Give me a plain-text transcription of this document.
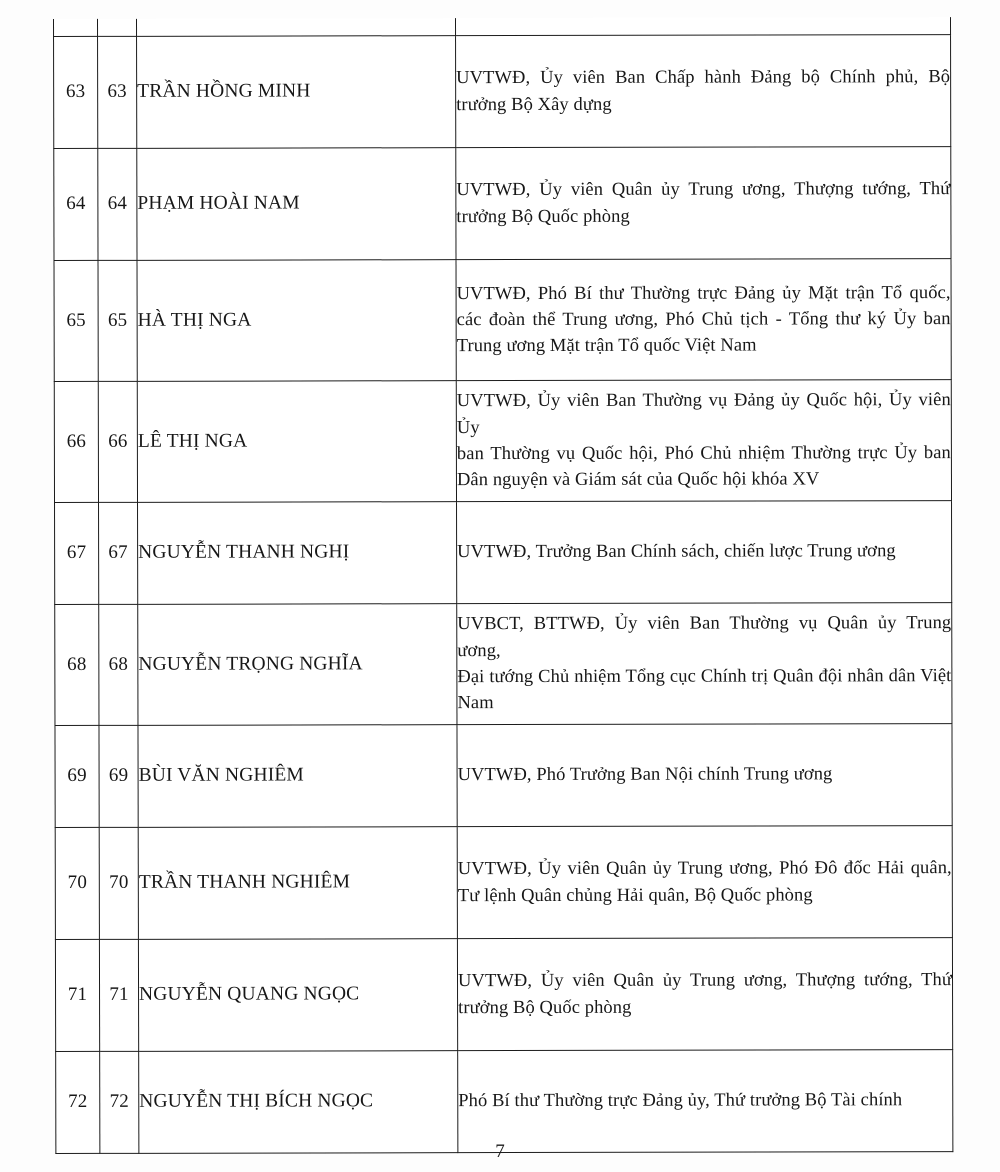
63	63	TRẦN HỒNG MINH	UVTWĐ, Ủy viên Ban Chấp hành Đảng bộ Chính phủ, Bộ
trưởng Bộ Xây dựng

64	64	PHẠM HOÀI NAM	UVTWĐ, Ủy viên Quân ủy Trung ương, Thượng tướng, Thứ
trưởng Bộ Quốc phòng

65	65	HÀ THỊ NGA	UVTWĐ, Phó Bí thư Thường trực Đảng ủy Mặt trận Tổ quốc,
các đoàn thể Trung ương, Phó Chủ tịch - Tổng thư ký Ủy ban
Trung ương Mặt trận Tổ quốc Việt Nam

66	66	LÊ THỊ NGA	UVTWĐ, Ủy viên Ban Thường vụ Đảng ủy Quốc hội, Ủy viên Ủy
ban Thường vụ Quốc hội, Phó Chủ nhiệm Thường trực Ủy ban
Dân nguyện và Giám sát của Quốc hội khóa XV

67	67	NGUYỄN THANH NGHỊ	UVTWĐ, Trưởng Ban Chính sách, chiến lược Trung ương

68	68	NGUYỄN TRỌNG NGHĨA	UVBCT, BTTWĐ, Ủy viên Ban Thường vụ Quân ủy Trung ương,
Đại tướng Chủ nhiệm Tổng cục Chính trị Quân đội nhân dân Việt
Nam

69	69	BÙI VĂN NGHIÊM	UVTWĐ, Phó Trưởng Ban Nội chính Trung ương

70	70	TRẦN THANH NGHIÊM	UVTWĐ, Ủy viên Quân ủy Trung ương, Phó Đô đốc Hải quân,
Tư lệnh Quân chủng Hải quân, Bộ Quốc phòng

71	71	NGUYỄN QUANG NGỌC	UVTWĐ, Ủy viên Quân ủy Trung ương, Thượng tướng, Thứ
trưởng Bộ Quốc phòng

72	72	NGUYỄN THỊ BÍCH NGỌC	Phó Bí thư Thường trực Đảng ủy, Thứ trưởng Bộ Tài chính
7
